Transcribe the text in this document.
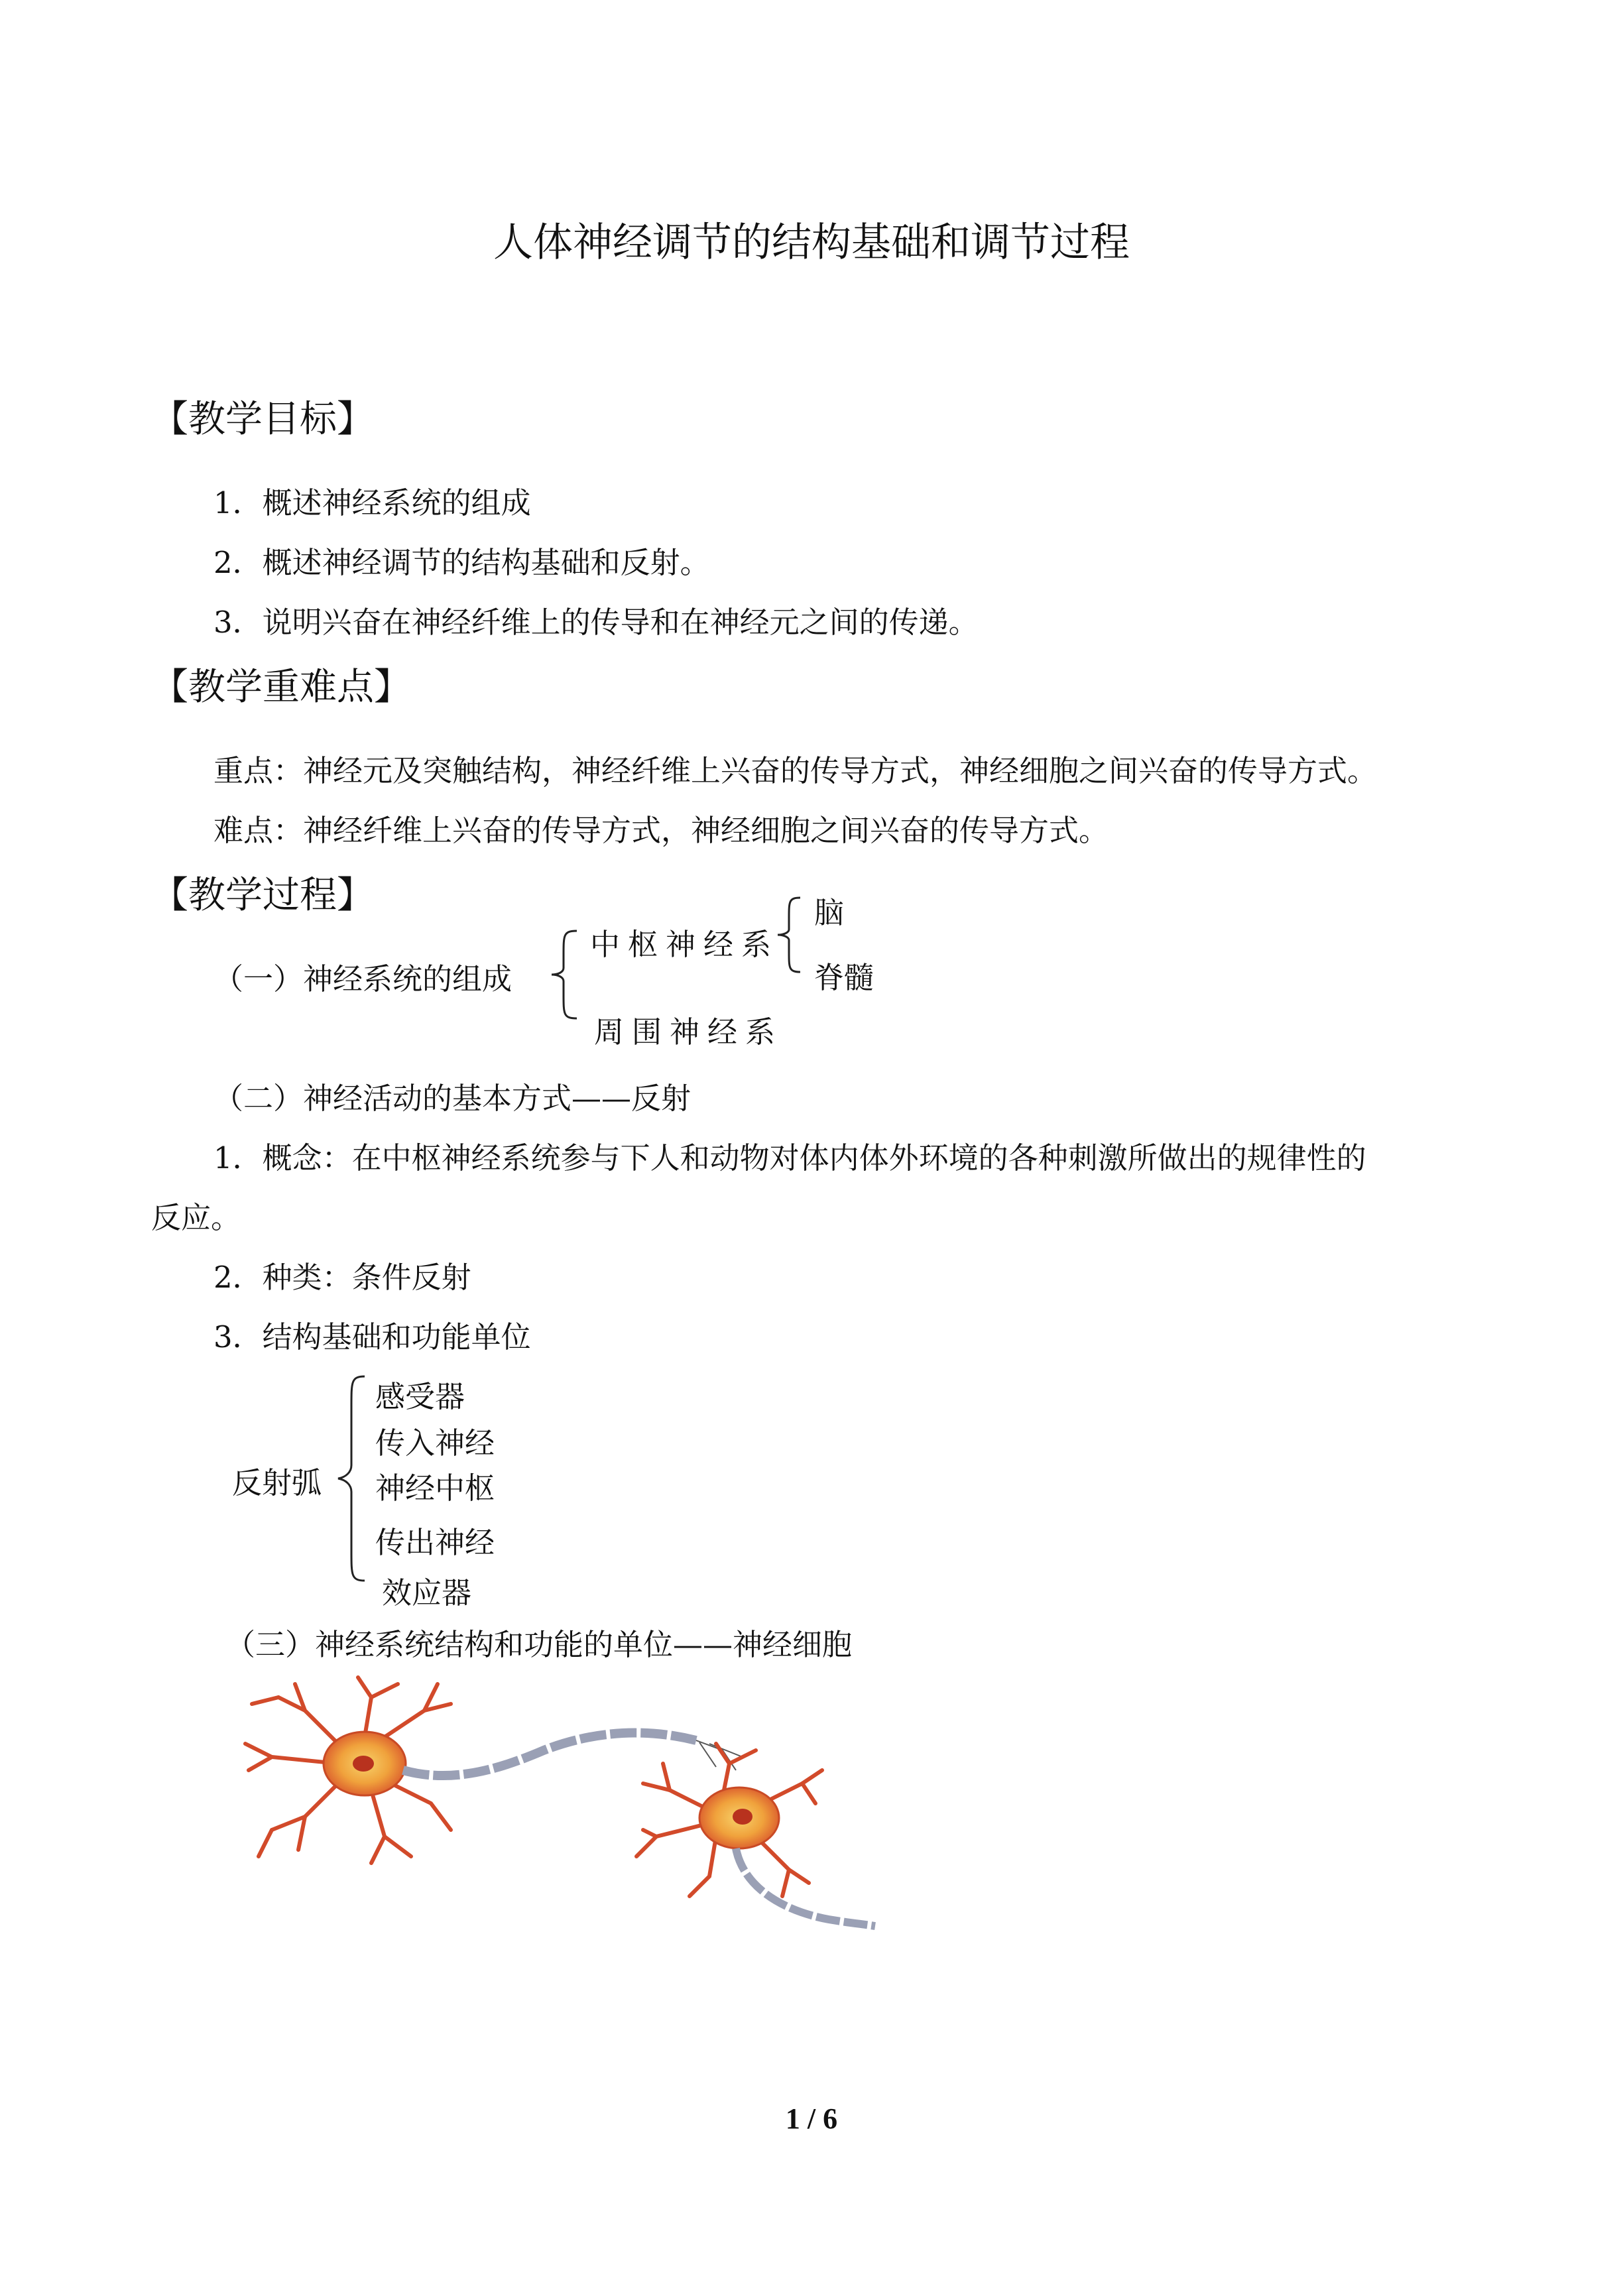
人体神经调节的结构基础和调节过程
【教学目标】
1．概述神经系统的组成
2．概述神经调节的结构基础和反射。
3．说明兴奋在神经纤维上的传导和在神经元之间的传递。
【教学重难点】
重点：神经元及突触结构，神经纤维上兴奋的传导方式，神经细胞之间兴奋的传导方式。
难点：神经纤维上兴奋的传导方式，神经细胞之间兴奋的传导方式。
【教学过程】
（一）神经系统的组成
中枢神经系
脑
脊髓
周围神经系
（二）神经活动的基本方式——反射
1．概念：在中枢神经系统参与下人和动物对体内体外环境的各种刺激所做出的规律性的
反应。
2．种类：条件反射
3．结构基础和功能单位
反射弧
感受器
传入神经
神经中枢
传出神经
效应器
（三）神经系统结构和功能的单位——神经细胞
1 / 6
